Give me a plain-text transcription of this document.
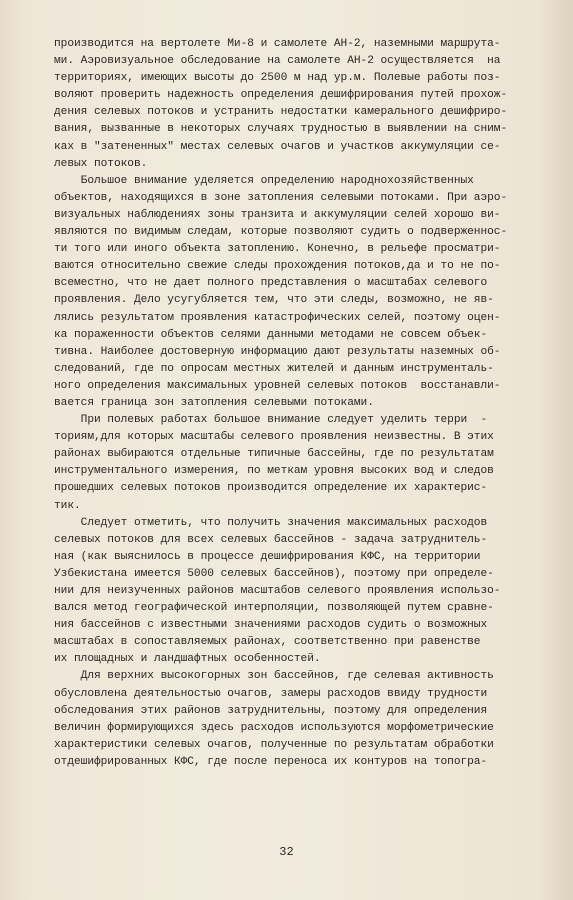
производится на вертолете Ми-8 и самолете АН-2, наземными маршрута-
ми. Аэровизуальное обследование на самолете АН-2 осуществляется  на
территориях, имеющих высоты до 2500 м над ур.м. Полевые работы поз-
воляют проверить надежность определения дешифрирования путей прохож-
дения селевых потоков и устранить недостатки камерального дешифриро-
вания, вызванные в некоторых случаях трудностью в выявлении на сним-
ках в "затененных" местах селевых очагов и участков аккумуляции се-
левых потоков.
Большое внимание уделяется определению народнохозяйственных
объектов, находящихся в зоне затопления селевыми потоками. При аэро-
визуальных наблюдениях зоны транзита и аккумуляции селей хорошо ви-
являются по видимым следам, которые позволяют судить о подверженнос-
ти того или иного объекта затоплению. Конечно, в рельефе просматри-
ваются относительно свежие следы прохождения потоков,да и то не по-
всеместно, что не дает полного представления о масштабах селевого
проявления. Дело усугубляется тем, что эти следы, возможно, не яв-
лялись результатом проявления катастрофических селей, поэтому оцен-
ка пораженности объектов селями данными методами не совсем объек-
тивна. Наиболее достоверную информацию дают результаты наземных об-
следований, где по опросам местных жителей и данным инструменталь-
ного определения максимальных уровней селевых потоков  восстанавли-
вается граница зон затопления селевыми потоками.
При полевых работах большое внимание следует уделить терри  -
ториям,для которых масштабы селевого проявления неизвестны. В этих
районах выбираются отдельные типичные бассейны, где по результатам
инструментального измерения, по меткам уровня высоких вод и следов
прошедших селевых потоков производится определение их характерис-
тик.
Следует отметить, что получить значения максимальных расходов
селевых потоков для всех селевых бассейнов - задача затруднитель-
ная (как выяснилось в процессе дешифрирования КФС, на территории
Узбекистана имеется 5000 селевых бассейнов), поэтому при определе-
нии для неизученных районов масштабов селевого проявления использо-
вался метод географической интерполяции, позволяющей путем сравне-
ния бассейнов с известными значениями расходов судить о возможных
масштабах в сопоставляемых районах, соответственно при равенстве
их площадных и ландшафтных особенностей.
Для верхних высокогорных зон бассейнов, где селевая активность
обусловлена деятельностью очагов, замеры расходов ввиду трудности
обследования этих районов затруднительны, поэтому для определения
величин формирующихся здесь расходов используются морфометрические
характеристики селевых очагов, полученные по результатам обработки
отдешифрированных КФС, где после переноса их контуров на топогра-
32
